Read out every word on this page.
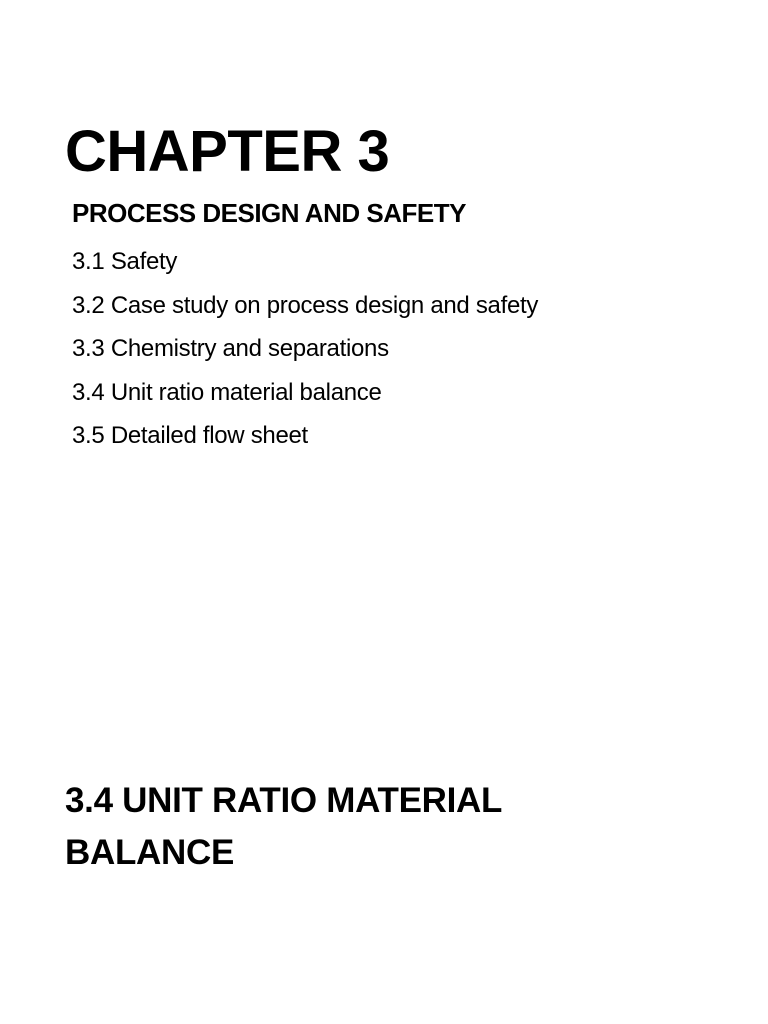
CHAPTER 3
PROCESS DESIGN AND SAFETY
3.1 Safety
3.2 Case study on process design and safety
3.3 Chemistry and separations
3.4 Unit ratio material balance
3.5 Detailed flow sheet
3.4 UNIT RATIO MATERIAL
BALANCE
